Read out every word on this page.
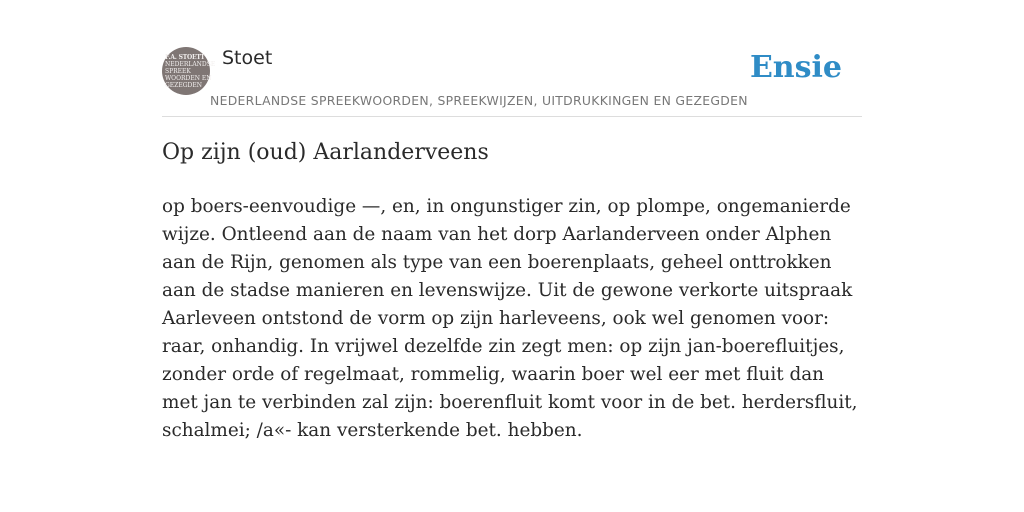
F.A. STOETT
NEDERLANDSE
SPREEK
WOORDEN EN
GEZEGDEN
Stoet
NEDERLANDSE SPREEKWOORDEN, SPREEKWIJZEN, UITDRUKKINGEN EN GEZEGDEN
Ensie
Op zijn (oud) Aarlanderveens

op boers-eenvoudige —, en, in ongunstiger zin, op plompe, ongemanierde wijze. Ontleend aan de naam van het dorp Aarlanderveen onder Alphen aan de Rijn, genomen als type van een boerenplaats, geheel onttrokken aan de stadse manieren en levenswijze. Uit de gewone verkorte uitspraak Aarleveen ontstond de vorm op zijn harleveens, ook wel genomen voor: raar, onhandig. In vrijwel dezelfde zin zegt men: op zijn jan-boerefluitjes, zonder orde of regelmaat, rommelig, waarin boer wel eer met fluit dan met jan te verbinden zal zijn: boerenfluit komt voor in de bet. herdersfluit, schalmei; /a«- kan versterkende bet. hebben.
